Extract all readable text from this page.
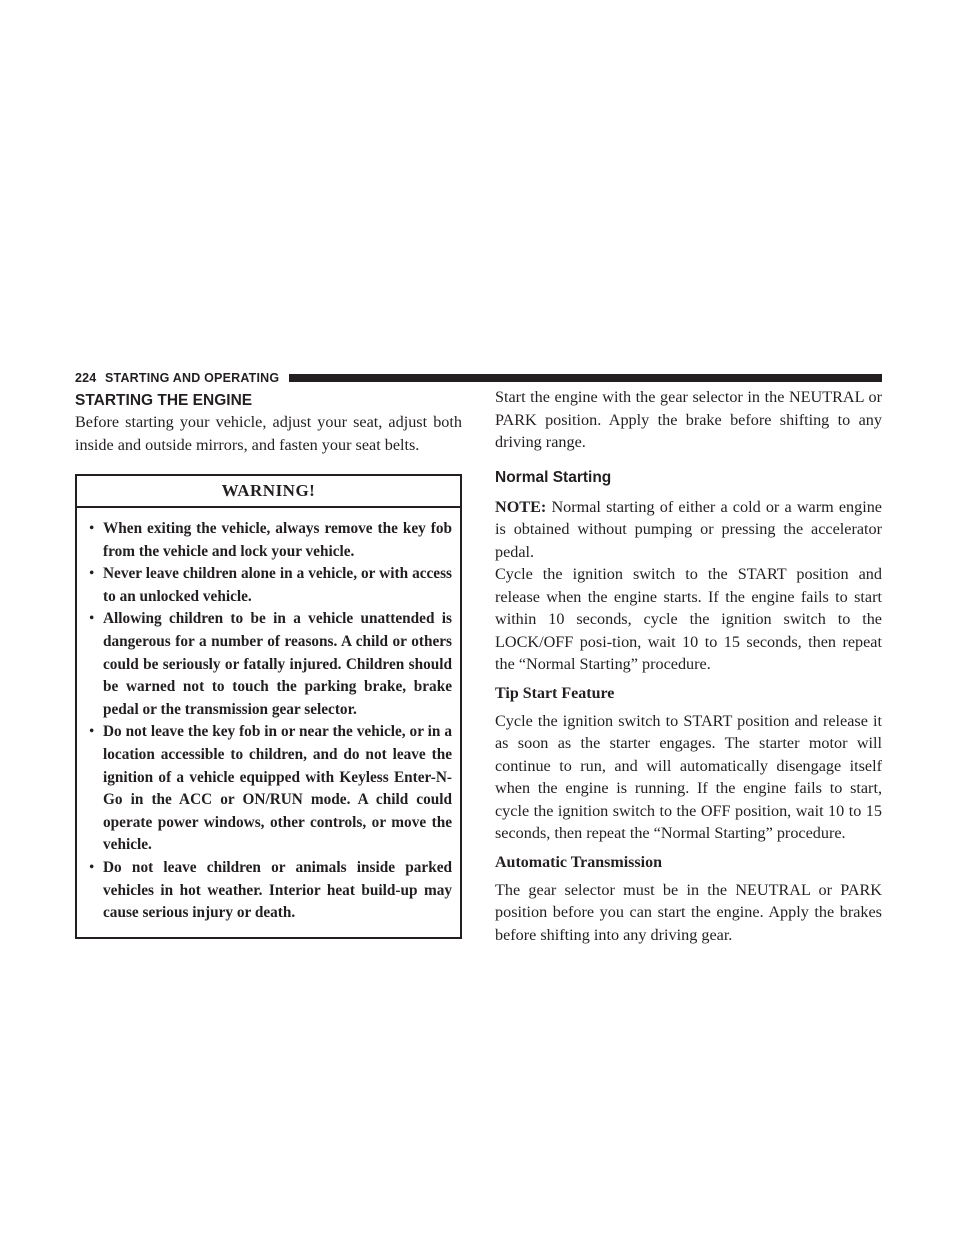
224 STARTING AND OPERATING
STARTING THE ENGINE

Before starting your vehicle, adjust your seat, adjust both inside and outside mirrors, and fasten your seat belts.

WARNING!
• When exiting the vehicle, always remove the key fob from the vehicle and lock your vehicle.
• Never leave children alone in a vehicle, or with access to an unlocked vehicle.
• Allowing children to be in a vehicle unattended is dangerous for a number of reasons. A child or others could be seriously or fatally injured. Children should be warned not to touch the parking brake, brake pedal or the transmission gear selector.
• Do not leave the key fob in or near the vehicle, or in a location accessible to children, and do not leave the ignition of a vehicle equipped with Keyless Enter-N-Go in the ACC or ON/RUN mode. A child could operate power windows, other controls, or move the vehicle.
• Do not leave children or animals inside parked vehicles in hot weather. Interior heat build-up may cause serious injury or death.

Start the engine with the gear selector in the NEUTRAL or PARK position. Apply the brake before shifting to any driving range.

Normal Starting

NOTE: Normal starting of either a cold or a warm engine is obtained without pumping or pressing the accelerator pedal.

Cycle the ignition switch to the START position and release when the engine starts. If the engine fails to start within 10 seconds, cycle the ignition switch to the LOCK/OFF posi-tion, wait 10 to 15 seconds, then repeat the “Normal Starting” procedure.

Tip Start Feature

Cycle the ignition switch to START position and release it as soon as the starter engages. The starter motor will continue to run, and will automatically disengage itself when the engine is running. If the engine fails to start, cycle the ignition switch to the OFF position, wait 10 to 15 seconds, then repeat the “Normal Starting” procedure.

Automatic Transmission

The gear selector must be in the NEUTRAL or PARK position before you can start the engine. Apply the brakes before shifting into any driving gear.
